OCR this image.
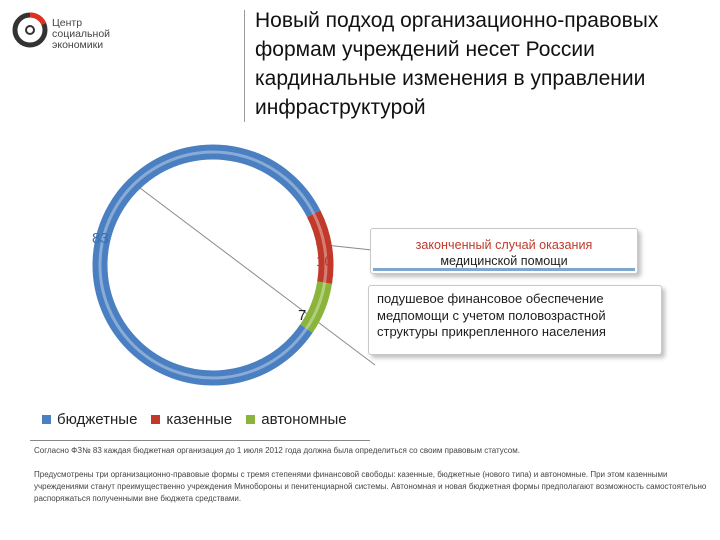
Центр
социальной
экономики
Новый подход организационно-правовых формам учреждений несет России кардинальные изменения в управлении инфраструктурой
83
10
7
законченный случай оказания
медицинской помощи
подушевое финансовое обеспечение медпомощи с учетом половозрастной структуры прикрепленного населения
бюджетные казенные автономные
Согласно ФЗ№ 83 каждая бюджетная организация до 1 июля 2012 года должна была определиться со своим правовым статусом.
Предусмотрены три организационно-правовые формы с тремя степенями финансовой свободы: казенные, бюджетные (нового типа) и автономные. При этом казенными учреждениями станут преимущественно учреждения Минобороны и пенитенциарной системы. Автономная и новая бюджетная формы предполагают возможность самостоятельно распоряжаться полученными вне бюджета средствами.
